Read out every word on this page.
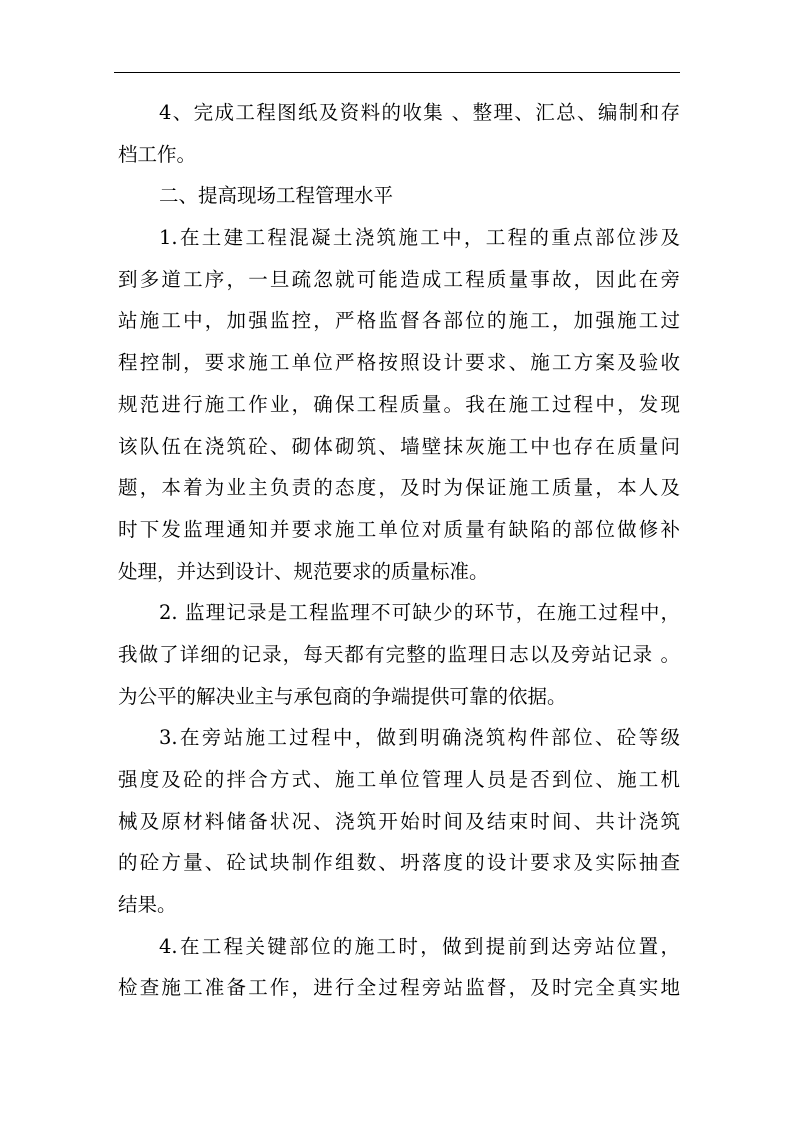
4、完成工程图纸及资料的收集 、整理、汇总、编制和存
档工作。
二、提高现场工程管理水平
1.在土建工程混凝土浇筑施工中，工程的重点部位涉及
到多道工序，一旦疏忽就可能造成工程质量事故，因此在旁
站施工中，加强监控，严格监督各部位的施工，加强施工过
程控制，要求施工单位严格按照设计要求、施工方案及验收
规范进行施工作业，确保工程质量。我在施工过程中，发现
该队伍在浇筑砼、砌体砌筑、墙壁抹灰施工中也存在质量问
题，本着为业主负责的态度，及时为保证施工质量，本人及
时下发监理通知并要求施工单位对质量有缺陷的部位做修补
处理，并达到设计、规范要求的质量标准。
2. 监理记录是工程监理不可缺少的环节，在施工过程中，
我做了详细的记录，每天都有完整的监理日志以及旁站记录 。
为公平的解决业主与承包商的争端提供可靠的依据。
3.在旁站施工过程中，做到明确浇筑构件部位、砼等级
强度及砼的拌合方式、施工单位管理人员是否到位、施工机
械及原材料储备状况、浇筑开始时间及结束时间、共计浇筑
的砼方量、砼试块制作组数、坍落度的设计要求及实际抽查
结果。
4.在工程关键部位的施工时，做到提前到达旁站位置，
检查施工准备工作，进行全过程旁站监督，及时完全真实地
